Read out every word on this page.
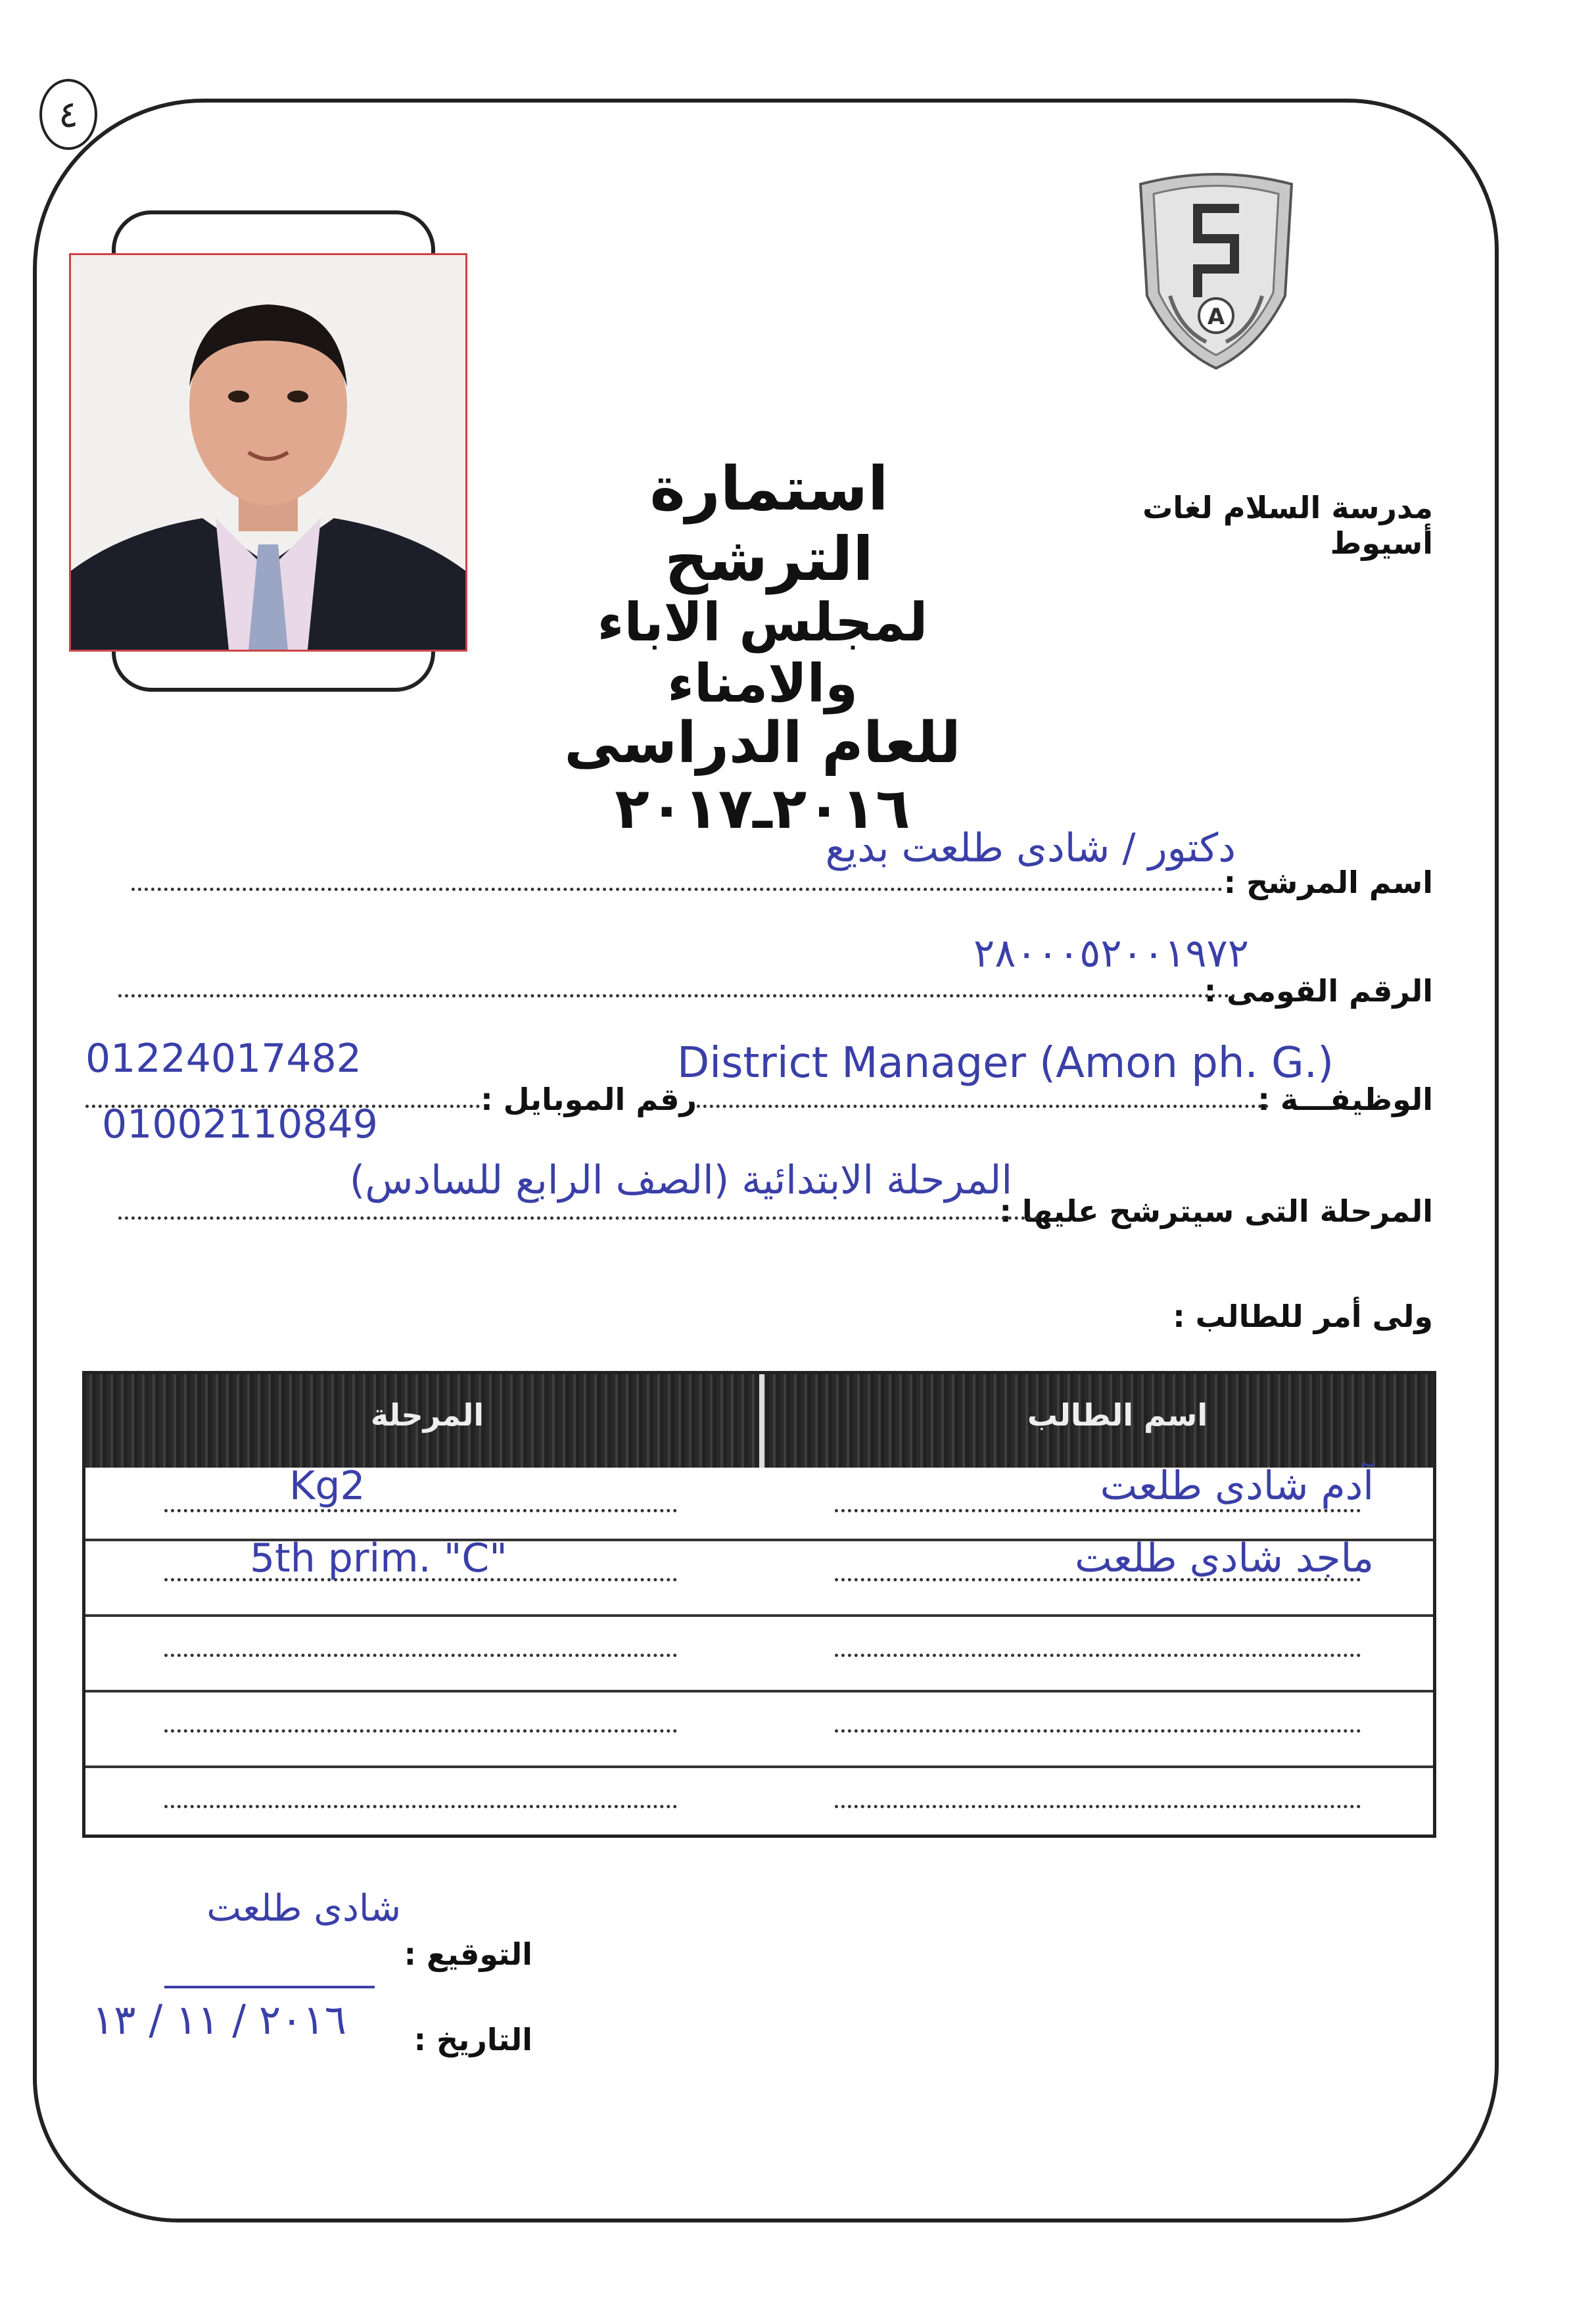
٤
A
مدرسة السلام لغات أسيوط
استمارة الترشح
لمجلس الاباء والامناء
للعام الدراسى ٢٠١٦ـ٢٠١٧
اسم المرشح :
دكتور / شادى طلعت بديع
الرقم القومى :
٢٨٠٠٠٥٢٠٠١٩٧٢
الوظيفـــة :
District Manager (Amon ph. G.)
رقم الموبايل :
01224017482
01002110849
المرحلة التى سيترشح عليها :
المرحلة الابتدائية (الصف الرابع للسادس)
ولى أمر للطالب :
اسم الطالب
المرحلة
آدم شادى طلعت
Kg2
ماجد شادى طلعت
5th prim. "C"
التوقيع :
شادى طلعت
التاريخ :
٢٠١٦ / ١١ / ١٣
